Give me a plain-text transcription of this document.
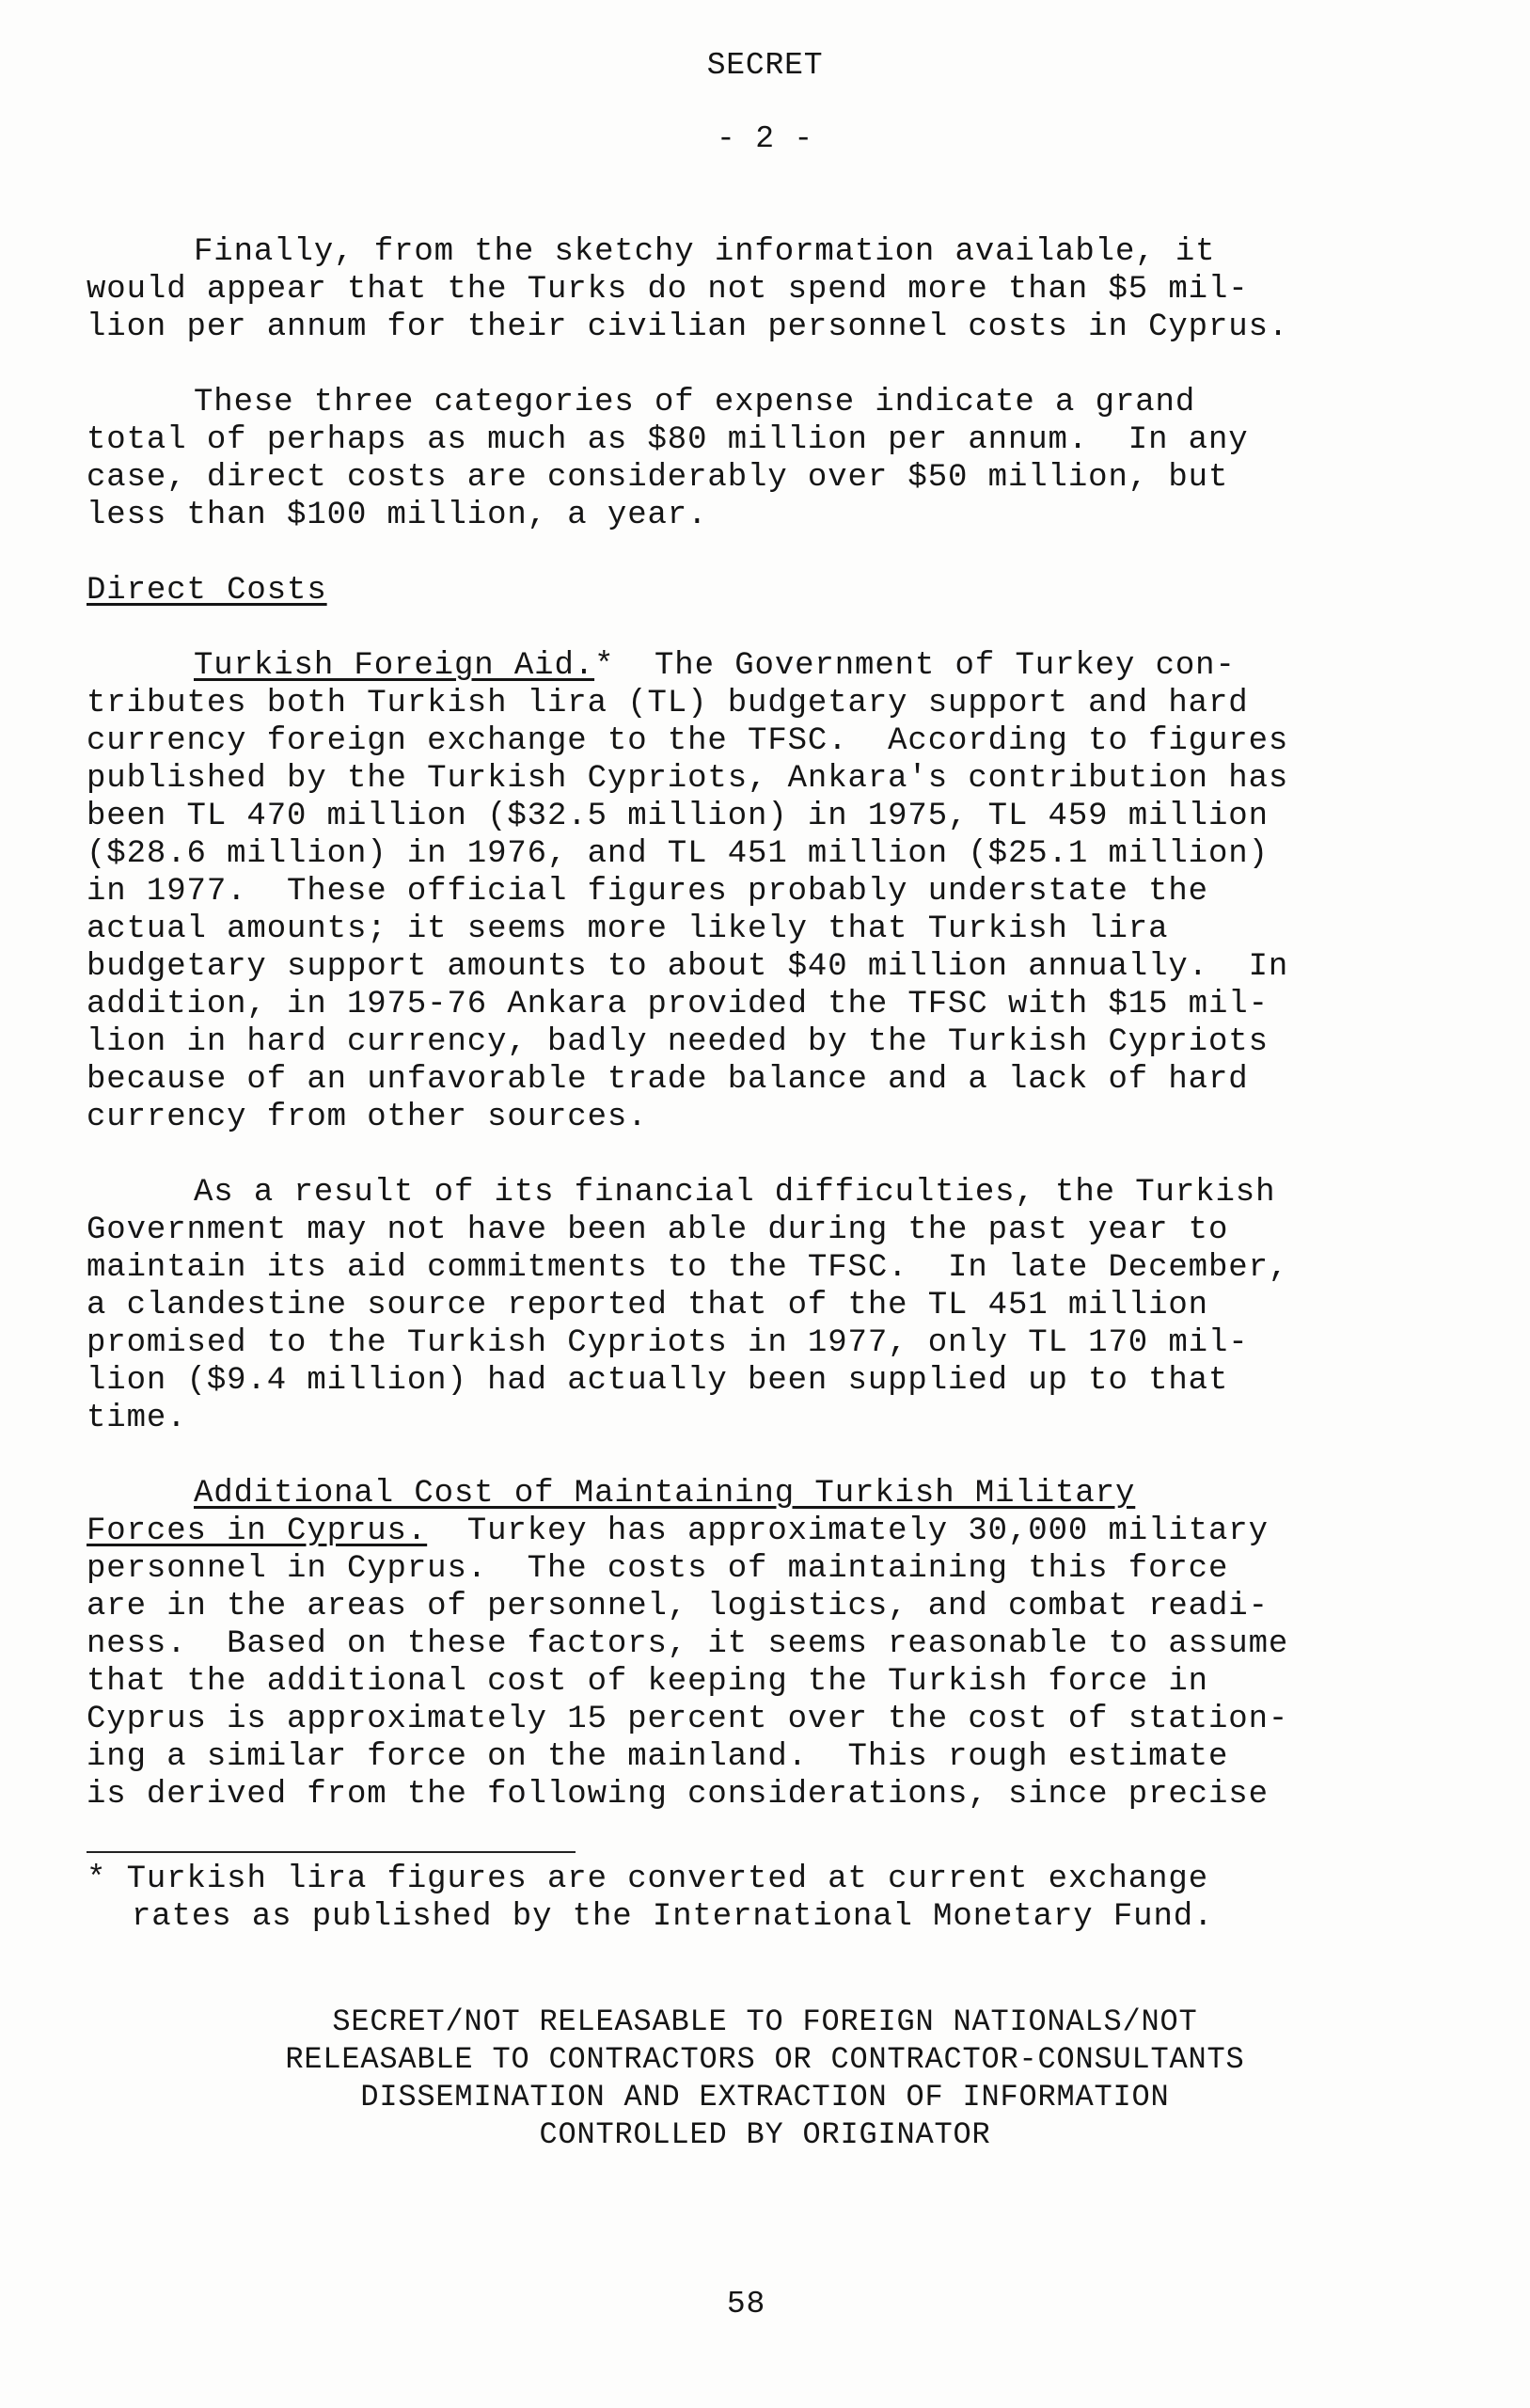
SECRET
- 2 -
Finally, from the sketchy information available, it
would appear that the Turks do not spend more than $5 mil-
lion per annum for their civilian personnel costs in Cyprus.
These three categories of expense indicate a grand
total of perhaps as much as $80 million per annum.  In any
case, direct costs are considerably over $50 million, but
less than $100 million, a year.
Direct Costs
Turkish Foreign Aid.*  The Government of Turkey con-
tributes both Turkish lira (TL) budgetary support and hard
currency foreign exchange to the TFSC.  According to figures
published by the Turkish Cypriots, Ankara's contribution has
been TL 470 million ($32.5 million) in 1975, TL 459 million
($28.6 million) in 1976, and TL 451 million ($25.1 million)
in 1977.  These official figures probably understate the
actual amounts; it seems more likely that Turkish lira
budgetary support amounts to about $40 million annually.  In
addition, in 1975-76 Ankara provided the TFSC with $15 mil-
lion in hard currency, badly needed by the Turkish Cypriots
because of an unfavorable trade balance and a lack of hard
currency from other sources.
As a result of its financial difficulties, the Turkish
Government may not have been able during the past year to
maintain its aid commitments to the TFSC.  In late December,
a clandestine source reported that of the TL 451 million
promised to the Turkish Cypriots in 1977, only TL 170 mil-
lion ($9.4 million) had actually been supplied up to that
time.
Additional Cost of Maintaining Turkish Military
Forces in Cyprus.  Turkey has approximately 30,000 military
personnel in Cyprus.  The costs of maintaining this force
are in the areas of personnel, logistics, and combat readi-
ness.  Based on these factors, it seems reasonable to assume
that the additional cost of keeping the Turkish force in
Cyprus is approximately 15 percent over the cost of station-
ing a similar force on the mainland.  This rough estimate
is derived from the following considerations, since precise
* Turkish lira figures are converted at current exchange
rates as published by the International Monetary Fund.
SECRET/NOT RELEASABLE TO FOREIGN NATIONALS/NOT
RELEASABLE TO CONTRACTORS OR CONTRACTOR-CONSULTANTS
DISSEMINATION AND EXTRACTION OF INFORMATION
CONTROLLED BY ORIGINATOR
58
